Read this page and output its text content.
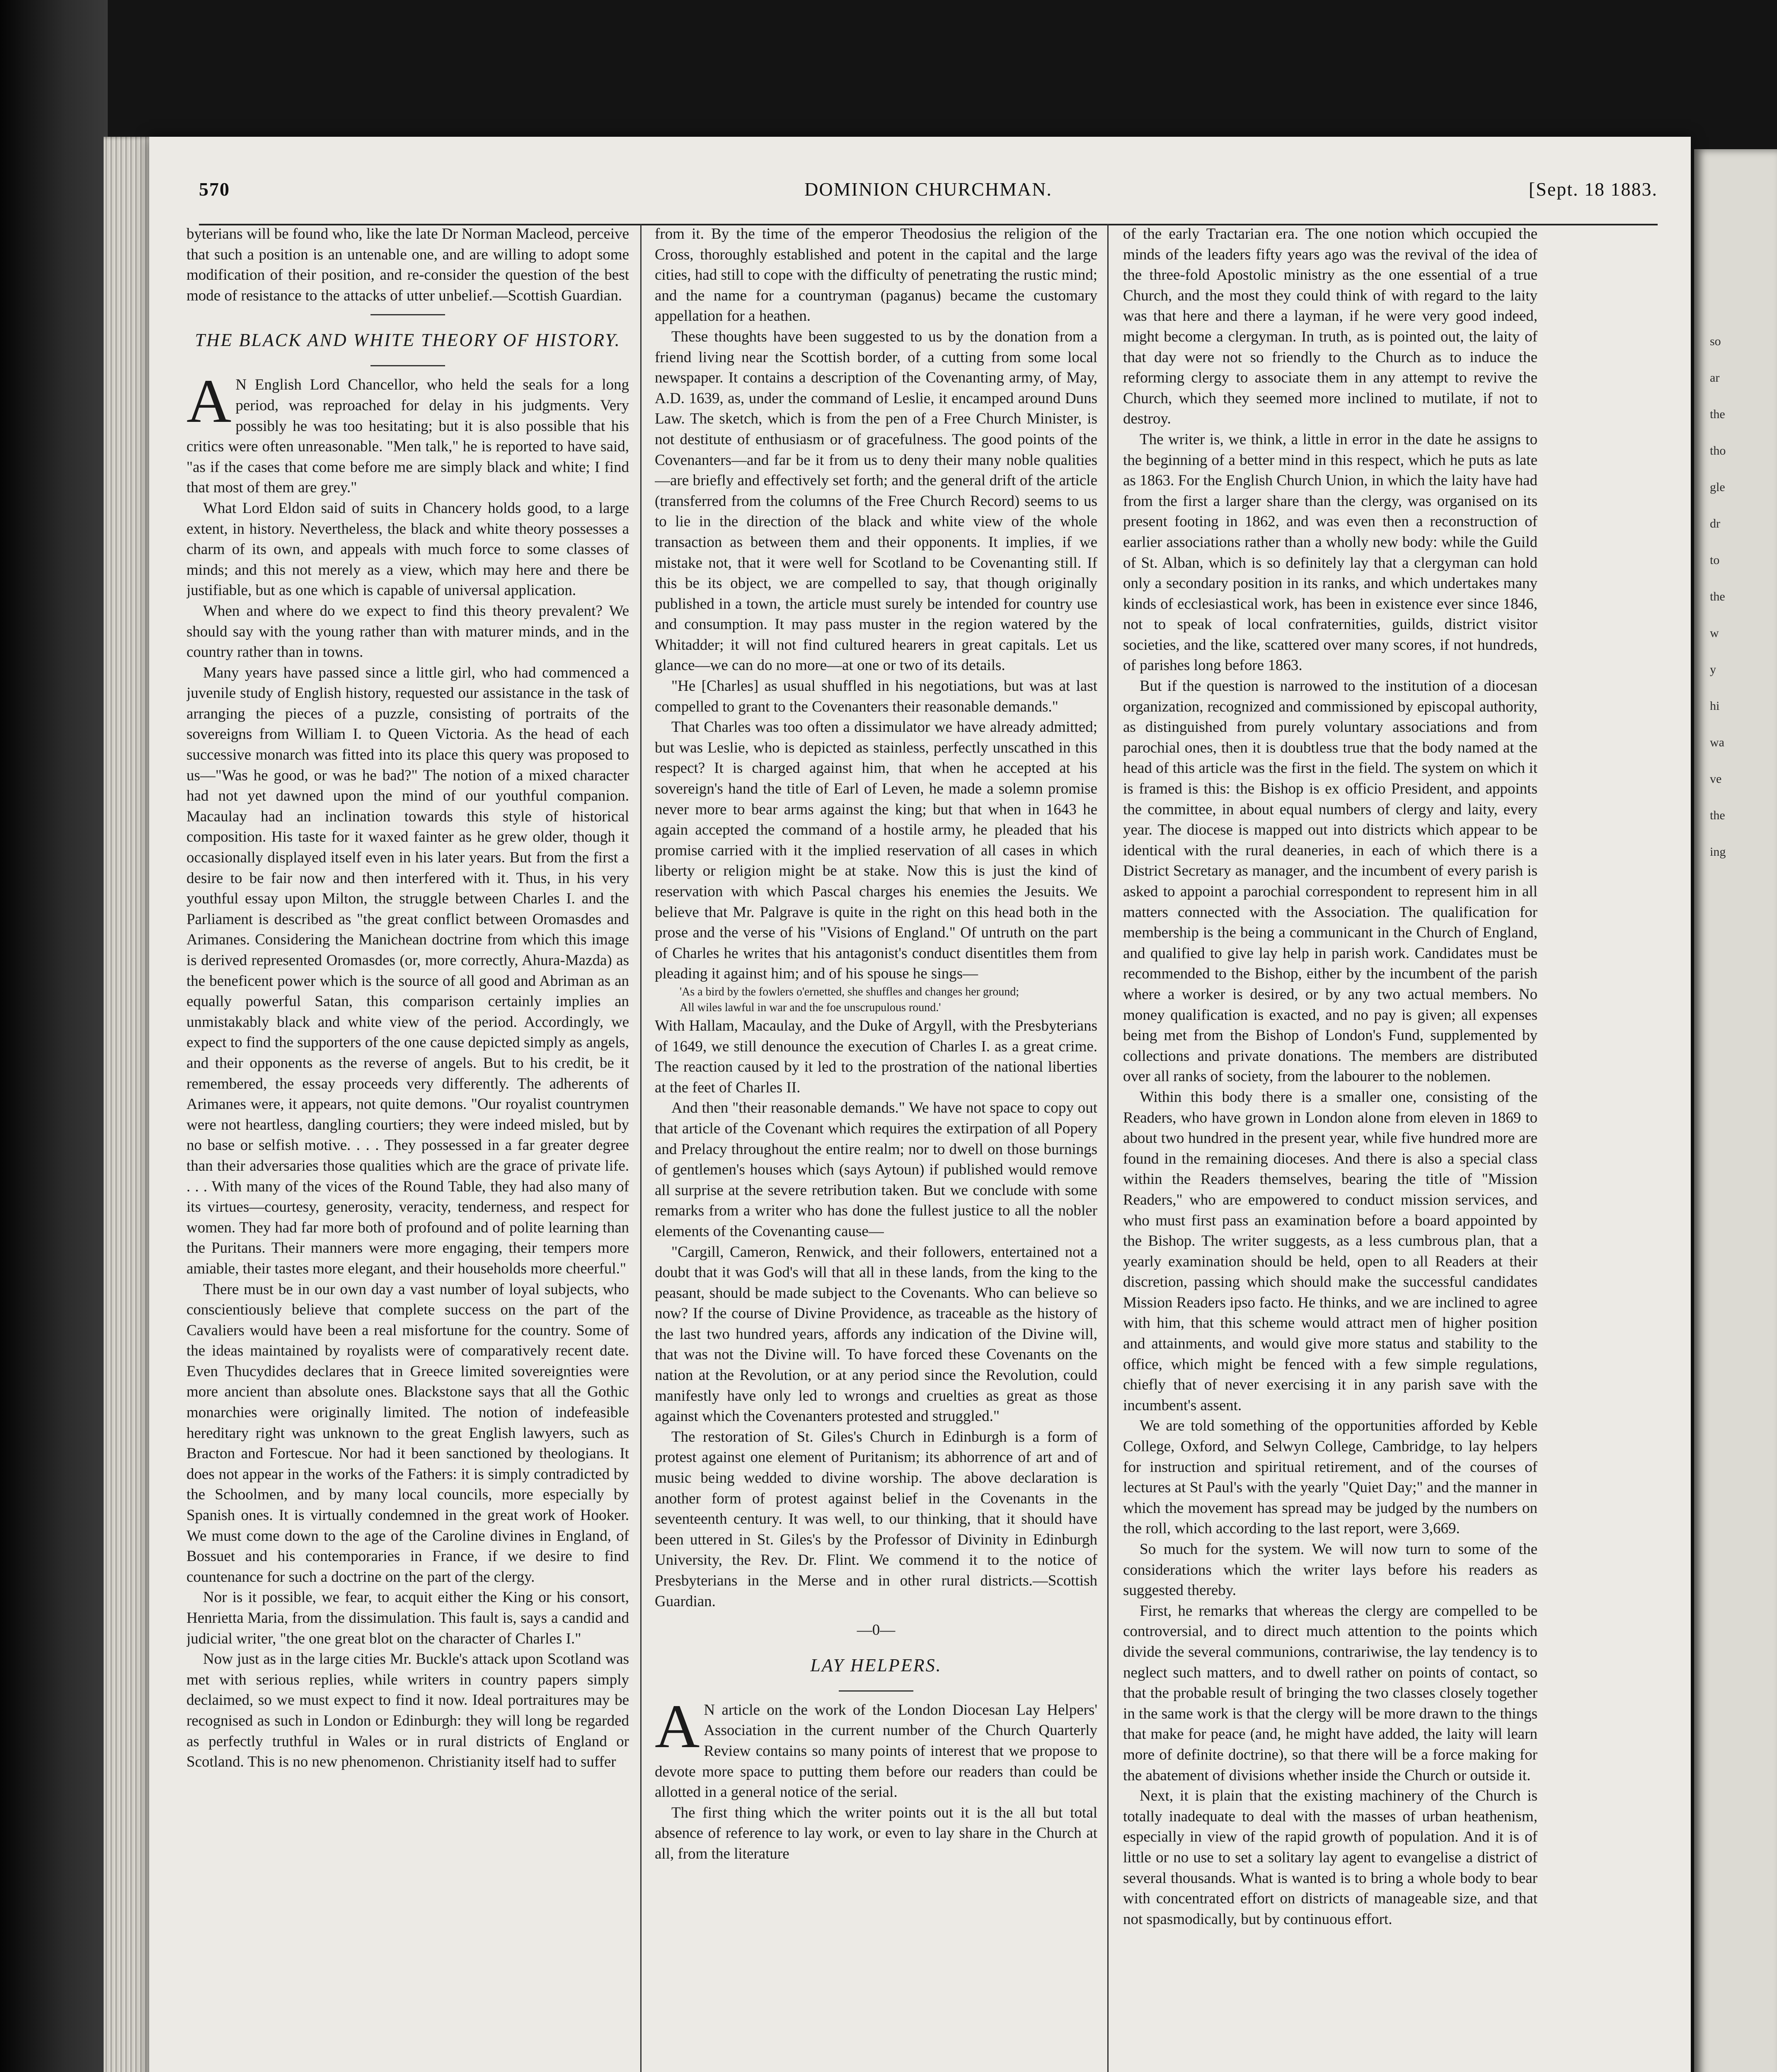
so
ar
the
tho
gle
dr
to
the
w
y
hi
wa
ve
the
ing
570	DOMINION CHURCHMAN.	[Sept. 18 1883.

byterians will be found who, like the late Dr Norman Macleod, perceive that such a position is an untenable one, and are willing to adopt some modification of their position, and re-consider the question of the best mode of resistance to the attacks of utter unbelief.—Scottish Guardian.

THE BLACK AND WHITE THEORY OF HISTORY.

A N English Lord Chancellor, who held the seals for a long period, was reproached for delay in his judgments. Very possibly he was too hesitating; but it is also possible that his critics were often unreasonable. "Men talk," he is reported to have said, "as if the cases that come before me are simply black and white; I find that most of them are grey."

What Lord Eldon said of suits in Chancery holds good, to a large extent, in history. Nevertheless, the black and white theory possesses a charm of its own, and appeals with much force to some classes of minds; and this not merely as a view, which may here and there be justifiable, but as one which is capable of universal application.

When and where do we expect to find this theory prevalent? We should say with the young rather than with maturer minds, and in the country rather than in towns.

Many years have passed since a little girl, who had commenced a juvenile study of English history, requested our assistance in the task of arranging the pieces of a puzzle, consisting of portraits of the sovereigns from William I. to Queen Victoria. As the head of each successive monarch was fitted into its place this query was proposed to us—"Was he good, or was he bad?" The notion of a mixed character had not yet dawned upon the mind of our youthful companion. Macaulay had an inclination towards this style of historical composition. His taste for it waxed fainter as he grew older, though it occasionally displayed itself even in his later years. But from the first a desire to be fair now and then interfered with it. Thus, in his very youthful essay upon Milton, the struggle between Charles I. and the Parliament is described as "the great conflict between Oromasdes and Arimanes. Considering the Manichean doctrine from which this image is derived represented Oromasdes (or, more correctly, Ahura-Mazda) as the beneficent power which is the source of all good and Abriman as an equally powerful Satan, this comparison certainly implies an unmistakably black and white view of the period. Accordingly, we expect to find the supporters of the one cause depicted simply as angels, and their opponents as the reverse of angels. But to his credit, be it remembered, the essay proceeds very differently. The adherents of Arimanes were, it appears, not quite demons. "Our royalist countrymen were not heartless, dangling courtiers; they were indeed misled, but by no base or selfish motive. . . . They possessed in a far greater degree than their adversaries those qualities which are the grace of private life. . . . With many of the vices of the Round Table, they had also many of its virtues—courtesy, generosity, veracity, tenderness, and respect for women. They had far more both of profound and of polite learning than the Puritans. Their manners were more engaging, their tempers more amiable, their tastes more elegant, and their households more cheerful."

There must be in our own day a vast number of loyal subjects, who conscientiously believe that complete success on the part of the Cavaliers would have been a real misfortune for the country. Some of the ideas maintained by royalists were of comparatively recent date. Even Thucydides declares that in Greece limited sovereignties were more ancient than absolute ones. Blackstone says that all the Gothic monarchies were originally limited. The notion of indefeasible hereditary right was unknown to the great English lawyers, such as Bracton and Fortescue. Nor had it been sanctioned by theologians. It does not appear in the works of the Fathers: it is simply contradicted by the Schoolmen, and by many local councils, more especially by Spanish ones. It is virtually condemned in the great work of Hooker. We must come down to the age of the Caroline divines in England, of Bossuet and his contemporaries in France, if we desire to find countenance for such a doctrine on the part of the clergy.

Nor is it possible, we fear, to acquit either the King or his consort, Henrietta Maria, from the dissimulation. This fault is, says a candid and judicial writer, "the one great blot on the character of Charles I."

Now just as in the large cities Mr. Buckle's attack upon Scotland was met with serious replies, while writers in country papers simply declaimed, so we must expect to find it now. Ideal portraitures may be recognised as such in London or Edinburgh: they will long be regarded as perfectly truthful in Wales or in rural districts of England or Scotland. This is no new phenomenon. Christianity itself had to suffer

from it. By the time of the emperor Theodosius the religion of the Cross, thoroughly established and potent in the capital and the large cities, had still to cope with the difficulty of penetrating the rustic mind; and the name for a countryman (paganus) became the customary appellation for a heathen.

These thoughts have been suggested to us by the donation from a friend living near the Scottish border, of a cutting from some local newspaper. It contains a description of the Covenanting army, of May, A.D. 1639, as, under the command of Leslie, it encamped around Duns Law. The sketch, which is from the pen of a Free Church Minister, is not destitute of enthusiasm or of gracefulness. The good points of the Covenanters—and far be it from us to deny their many noble qualities—are briefly and effectively set forth; and the general drift of the article (transferred from the columns of the Free Church Record) seems to us to lie in the direction of the black and white view of the whole transaction as between them and their opponents. It implies, if we mistake not, that it were well for Scotland to be Covenanting still. If this be its object, we are compelled to say, that though originally published in a town, the article must surely be intended for country use and consumption. It may pass muster in the region watered by the Whitadder; it will not find cultured hearers in great capitals. Let us glance—we can do no more—at one or two of its details.

"He [Charles] as usual shuffled in his negotiations, but was at last compelled to grant to the Covenanters their reasonable demands."

That Charles was too often a dissimulator we have already admitted; but was Leslie, who is depicted as stainless, perfectly unscathed in this respect? It is charged against him, that when he accepted at his sovereign's hand the title of Earl of Leven, he made a solemn promise never more to bear arms against the king; but that when in 1643 he again accepted the command of a hostile army, he pleaded that his promise carried with it the implied reservation of all cases in which liberty or religion might be at stake. Now this is just the kind of reservation with which Pascal charges his enemies the Jesuits. We believe that Mr. Palgrave is quite in the right on this head both in the prose and the verse of his "Visions of England." Of untruth on the part of Charles he writes that his antagonist's conduct disentitles them from pleading it against him; and of his spouse he sings—

'As a bird by the fowlers o'ernetted, she shuffles and changes her ground;

All wiles lawful in war and the foe unscrupulous round.'

With Hallam, Macaulay, and the Duke of Argyll, with the Presbyterians of 1649, we still denounce the execution of Charles I. as a great crime. The reaction caused by it led to the prostration of the national liberties at the feet of Charles II.

And then "their reasonable demands." We have not space to copy out that article of the Covenant which requires the extirpation of all Popery and Prelacy throughout the entire realm; nor to dwell on those burnings of gentlemen's houses which (says Aytoun) if published would remove all surprise at the severe retribution taken. But we conclude with some remarks from a writer who has done the fullest justice to all the nobler elements of the Covenanting cause—

"Cargill, Cameron, Renwick, and their followers, entertained not a doubt that it was God's will that all in these lands, from the king to the peasant, should be made subject to the Covenants. Who can believe so now? If the course of Divine Providence, as traceable as the history of the last two hundred years, affords any indication of the Divine will, that was not the Divine will. To have forced these Covenants on the nation at the Revolution, or at any period since the Revolution, could manifestly have only led to wrongs and cruelties as great as those against which the Covenanters protested and struggled."

The restoration of St. Giles's Church in Edinburgh is a form of protest against one element of Puritanism; its abhorrence of art and of music being wedded to divine worship. The above declaration is another form of protest against belief in the Covenants in the seventeenth century. It was well, to our thinking, that it should have been uttered in St. Giles's by the Professor of Divinity in Edinburgh University, the Rev. Dr. Flint. We commend it to the notice of Presbyterians in the Merse and in other rural districts.—Scottish Guardian.

—0—
LAY HELPERS.

A N article on the work of the London Diocesan Lay Helpers' Association in the current number of the Church Quarterly Review contains so many points of interest that we propose to devote more space to putting them before our readers than could be allotted in a general notice of the serial.

The first thing which the writer points out it is the all but total absence of reference to lay work, or even to lay share in the Church at all, from the literature

of the early Tractarian era. The one notion which occupied the minds of the leaders fifty years ago was the revival of the idea of the three-fold Apostolic ministry as the one essential of a true Church, and the most they could think of with regard to the laity was that here and there a layman, if he were very good indeed, might become a clergyman. In truth, as is pointed out, the laity of that day were not so friendly to the Church as to induce the reforming clergy to associate them in any attempt to revive the Church, which they seemed more inclined to mutilate, if not to destroy.

The writer is, we think, a little in error in the date he assigns to the beginning of a better mind in this respect, which he puts as late as 1863. For the English Church Union, in which the laity have had from the first a larger share than the clergy, was organised on its present footing in 1862, and was even then a reconstruction of earlier associations rather than a wholly new body: while the Guild of St. Alban, which is so definitely lay that a clergyman can hold only a secondary position in its ranks, and which undertakes many kinds of ecclesiastical work, has been in existence ever since 1846, not to speak of local confraternities, guilds, district visitor societies, and the like, scattered over many scores, if not hundreds, of parishes long before 1863.

But if the question is narrowed to the institution of a diocesan organization, recognized and commissioned by episcopal authority, as distinguished from purely voluntary associations and from parochial ones, then it is doubtless true that the body named at the head of this article was the first in the field. The system on which it is framed is this: the Bishop is ex officio President, and appoints the committee, in about equal numbers of clergy and laity, every year. The diocese is mapped out into districts which appear to be identical with the rural deaneries, in each of which there is a District Secretary as manager, and the incumbent of every parish is asked to appoint a parochial correspondent to represent him in all matters connected with the Association. The qualification for membership is the being a communicant in the Church of England, and qualified to give lay help in parish work. Candidates must be recommended to the Bishop, either by the incumbent of the parish where a worker is desired, or by any two actual members. No money qualification is exacted, and no pay is given; all expenses being met from the Bishop of London's Fund, supplemented by collections and private donations. The members are distributed over all ranks of society, from the labourer to the noblemen.

Within this body there is a smaller one, consisting of the Readers, who have grown in London alone from eleven in 1869 to about two hundred in the present year, while five hundred more are found in the remaining dioceses. And there is also a special class within the Readers themselves, bearing the title of "Mission Readers," who are empowered to conduct mission services, and who must first pass an examination before a board appointed by the Bishop. The writer suggests, as a less cumbrous plan, that a yearly examination should be held, open to all Readers at their discretion, passing which should make the successful candidates Mission Readers ipso facto. He thinks, and we are inclined to agree with him, that this scheme would attract men of higher position and attainments, and would give more status and stability to the office, which might be fenced with a few simple regulations, chiefly that of never exercising it in any parish save with the incumbent's assent.

We are told something of the opportunities afforded by Keble College, Oxford, and Selwyn College, Cambridge, to lay helpers for instruction and spiritual retirement, and of the courses of lectures at St Paul's with the yearly "Quiet Day;" and the manner in which the movement has spread may be judged by the numbers on the roll, which according to the last report, were 3,669.

So much for the system. We will now turn to some of the considerations which the writer lays before his readers as suggested thereby.

First, he remarks that whereas the clergy are compelled to be controversial, and to direct much attention to the points which divide the several communions, contrariwise, the lay tendency is to neglect such matters, and to dwell rather on points of contact, so that the probable result of bringing the two classes closely together in the same work is that the clergy will be more drawn to the things that make for peace (and, he might have added, the laity will learn more of definite doctrine), so that there will be a force making for the abatement of divisions whether inside the Church or outside it.

Next, it is plain that the existing machinery of the Church is totally inadequate to deal with the masses of urban heathenism, especially in view of the rapid growth of population. And it is of little or no use to set a solitary lay agent to evangelise a district of several thousands. What is wanted is to bring a whole body to bear with concentrated effort on districts of manageable size, and that not spasmodically, but by continuous effort.
